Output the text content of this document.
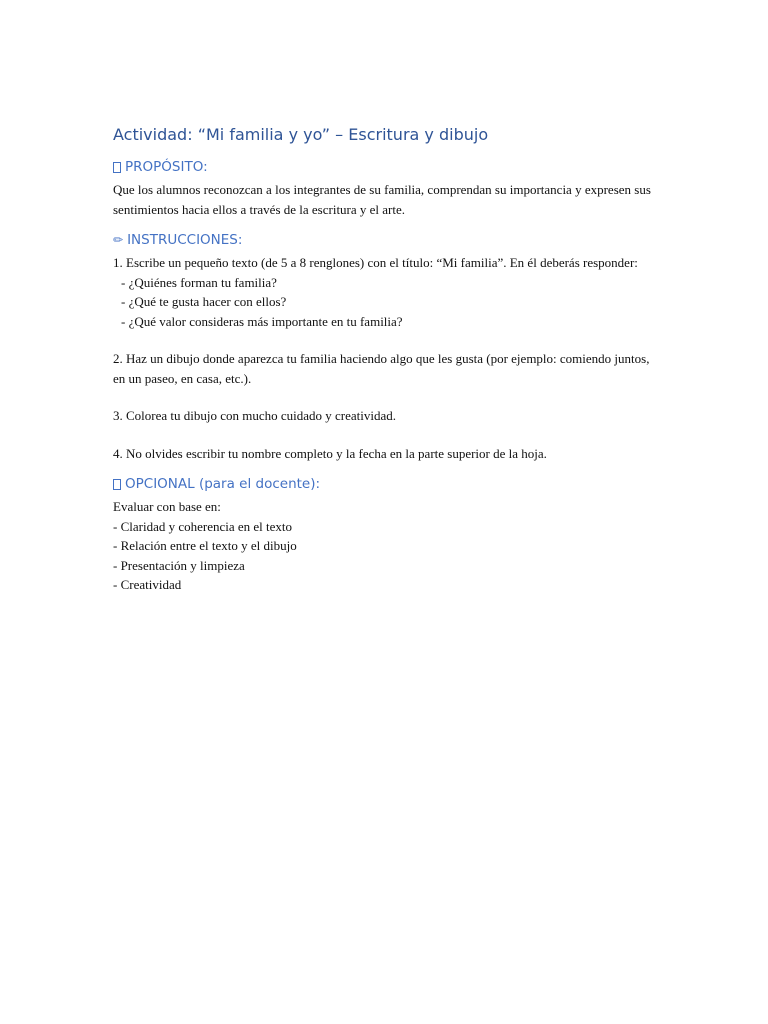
Actividad: “Mi familia y yo” – Escritura y dibujo
PROPÓSITO:

Que los alumnos reconozcan a los integrantes de su familia, comprendan su importancia y expresen sus sentimientos hacia ellos a través de la escritura y el arte.

✏ INSTRUCCIONES:

1. Escribe un pequeño texto (de 5 a 8 renglones) con el título: “Mi familia”. En él deberás responder:

- ¿Quiénes forman tu familia?

- ¿Qué te gusta hacer con ellos?

- ¿Qué valor consideras más importante en tu familia?

2. Haz un dibujo donde aparezca tu familia haciendo algo que les gusta (por ejemplo: comiendo juntos, en un paseo, en casa, etc.).

3. Colorea tu dibujo con mucho cuidado y creatividad.

4. No olvides escribir tu nombre completo y la fecha en la parte superior de la hoja.

OPCIONAL (para el docente):

Evaluar con base en:

- Claridad y coherencia en el texto

- Relación entre el texto y el dibujo

- Presentación y limpieza

- Creatividad
